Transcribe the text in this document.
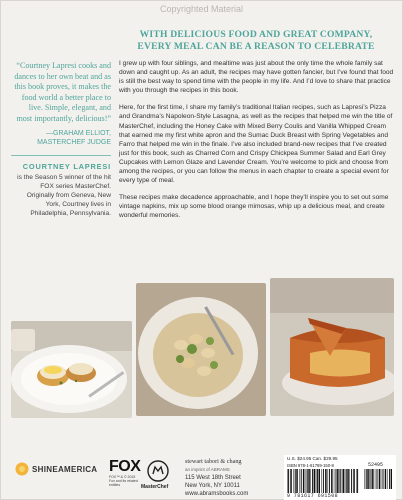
Copyrighted Material
WITH DELICIOUS FOOD AND GREAT COMPANY,
EVERY MEAL CAN BE A REASON TO CELEBRATE
“Courtney Lapresi cooks and dances to her own beat and as this book proves, it makes the food world a better place to live. Simple, elegant, and most importantly, delicious!”
—GRAHAM ELLIOT,
MASTERCHEF JUDGE
COURTNEY LAPRESI
is the Season 5 winner of the hit FOX series MasterChef. Originally from Geneva, New York, Courtney lives in Philadelphia, Pennsylvania.

I grew up with four siblings, and mealtime was just about the only time the whole family sat down and caught up. As an adult, the recipes may have gotten fancier, but I’ve found that food is still the best way to spend time with the people in my life. And I’d love to share that practice with you through the recipes in this book.

Here, for the first time, I share my family’s traditional Italian recipes, such as Lapresi’s Pizza and Grandma’s Napoleon-Style Lasagna, as well as the recipes that helped me win the title of MasterChef, including the Honey Cake with Mixed Berry Coulis and Vanilla Whipped Cream that earned me my first white apron and the Sumac Duck Breast with Spring Vegetables and Farro that helped me win in the finale. I’ve also included brand-new recipes that I’ve created just for this book, such as Charred Corn and Crispy Chickpea Summer Salad and Earl Grey Cupcakes with Lemon Glaze and Lavender Cream. You’re welcome to pick and choose from among the recipes, or you can follow the menus in each chapter to create a special event for every type of meal.

These recipes make decadence approachable, and I hope they’ll inspire you to set out some vintage napkins, mix up some blood orange mimosas, whip up a delicious meal, and create wonderful memories.

SHINEAMERICA FOX
FOX™ & © 2015 Fox and its related entities	MasterChef
stewart tabori & chang
an imprint of ABRAMS
115 West 18th Street
New York, NY 10011
www.abramsbooks.com
U.S. $24.95 Can. $29.95
ISBN 978-1-61769-150-8	52495
9 781617 691508
